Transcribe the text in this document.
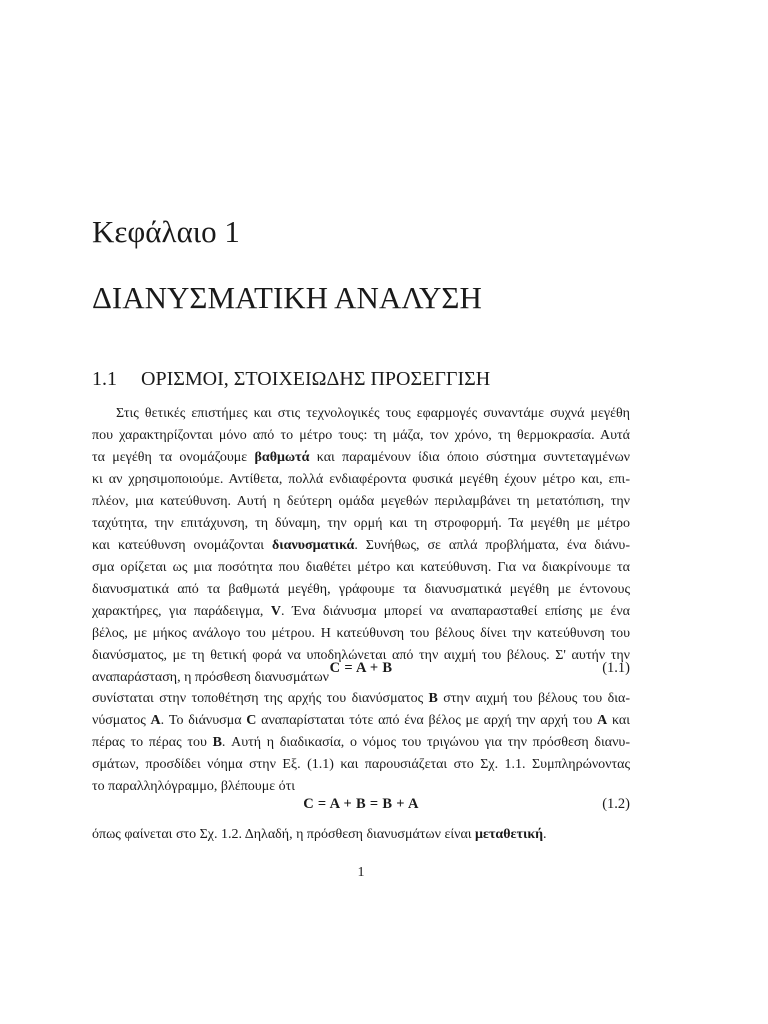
Κεφάλαιο 1
ΔΙΑΝΥΣΜΑΤΙΚΗ ΑΝΑΛΥΣΗ
1.1 ΟΡΙΣΜΟΙ, ΣΤΟΙΧΕΙΩΔΗΣ ΠΡΟΣΕΓΓΙΣΗ
Στις θετικές επιστήμες και στις τεχνολογικές τους εφαρμογές συναντάμε συχνά μεγέθη
που χαρακτηρίζονται μόνο από το μέτρο τους: τη μάζα, τον χρόνο, τη θερμοκρασία. Αυτά
τα μεγέθη τα ονομάζουμε βαθμωτά και παραμένουν ίδια όποιο σύστημα συντεταγμένων
κι αν χρησιμοποιούμε. Αντίθετα, πολλά ενδιαφέροντα φυσικά μεγέθη έχουν μέτρο και, επι-
πλέον, μια κατεύθυνση. Αυτή η δεύτερη ομάδα μεγεθών περιλαμβάνει τη μετατόπιση, την
ταχύτητα, την επιτάχυνση, τη δύναμη, την ορμή και τη στροφορμή. Τα μεγέθη με μέτρο
και κατεύθυνση ονομάζονται διανυσματικά. Συνήθως, σε απλά προβλήματα, ένα διάνυ-
σμα ορίζεται ως μια ποσότητα που διαθέτει μέτρο και κατεύθυνση. Για να διακρίνουμε τα
διανυσματικά από τα βαθμωτά μεγέθη, γράφουμε τα διανυσματικά μεγέθη με έντονους
χαρακτήρες, για παράδειγμα, V. Ένα διάνυσμα μπορεί να αναπαρασταθεί επίσης με ένα
βέλος, με μήκος ανάλογο του μέτρου. Η κατεύθυνση του βέλους δίνει την κατεύθυνση του
διανύσματος, με τη θετική φορά να υποδηλώνεται από την αιχμή του βέλους. Σ' αυτήν την
αναπαράσταση, η πρόσθεση διανυσμάτων
C = A + B	(1.1)
συνίσταται στην τοποθέτηση της αρχής του διανύσματος B στην αιχμή του βέλους του δια-
νύσματος A. Το διάνυσμα C αναπαρίσταται τότε από ένα βέλος με αρχή την αρχή του A και
πέρας το πέρας του B. Αυτή η διαδικασία, ο νόμος του τριγώνου για την πρόσθεση διανυ-
σμάτων, προσδίδει νόημα στην Εξ. (1.1) και παρουσιάζεται στο Σχ. 1.1. Συμπληρώνοντας
το παραλληλόγραμμο, βλέπουμε ότι
C = A + B = B + A	(1.2)
όπως φαίνεται στο Σχ. 1.2. Δηλαδή, η πρόσθεση διανυσμάτων είναι μεταθετική.
1
